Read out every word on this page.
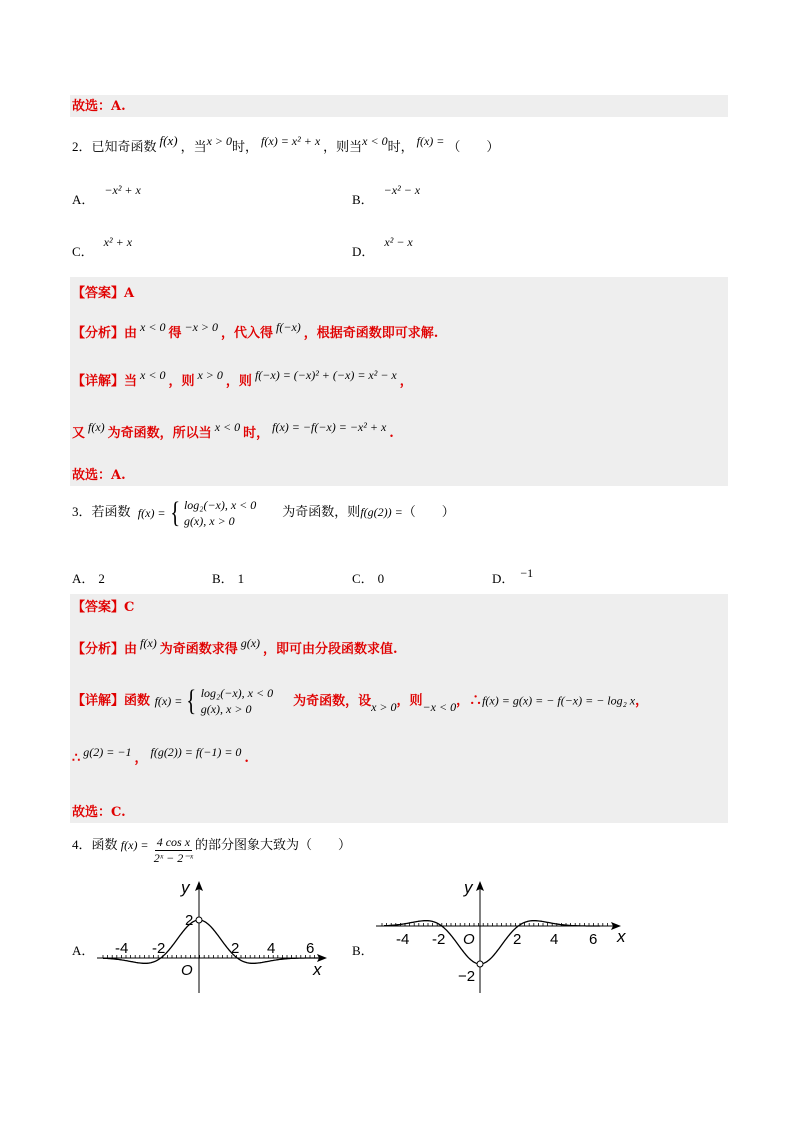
故选：A.
2．已知奇函数 f(x) ，当x > 0时， f(x) = x² + x ，则当x < 0时， f(x) = （　　）
A．−x² + x
B．−x² − x
C．x² + x
D．x² − x
【答案】A
【分析】由 x < 0 得 −x > 0 ，代入得 f(−x) ，根据奇函数即可求解.
【详解】当 x < 0 ，则 x > 0 ，则 f(−x) = (−x)² + (−x) = x² − x ，
又 f(x) 为奇函数，所以当 x < 0 时， f(x) = −f(−x) = −x² + x .
故选：A.
3．若函数 f(x) = { log₂(−x), x < 0
g(x), x > 0
为奇函数，则f(g(2)) =（　　）
A． 2	B． 1	C． 0	D． −1
【答案】C
【分析】由 f(x) 为奇函数求得 g(x) ，即可由分段函数求值.
【详解】函数 f(x) = { log₂(−x), x < 0
g(x), x > 0
为奇函数，设x > 0，则−x < 0，∴f(x) = g(x) = − f(−x) = − log₂ x，
∴ g(2) = −1 ， f(g(2)) = f(−1) = 0 .
故选：C.
4．函数 $f(x) = \frac{\text{4 cos x}}{\text{2ˣ − 2⁻ˣ}}$ 的部分图象大致为（　　）
A． -4 -2	2 4 6
2
O	x
y
B．
-4 -2	2 4 6
−2
O	x
y
